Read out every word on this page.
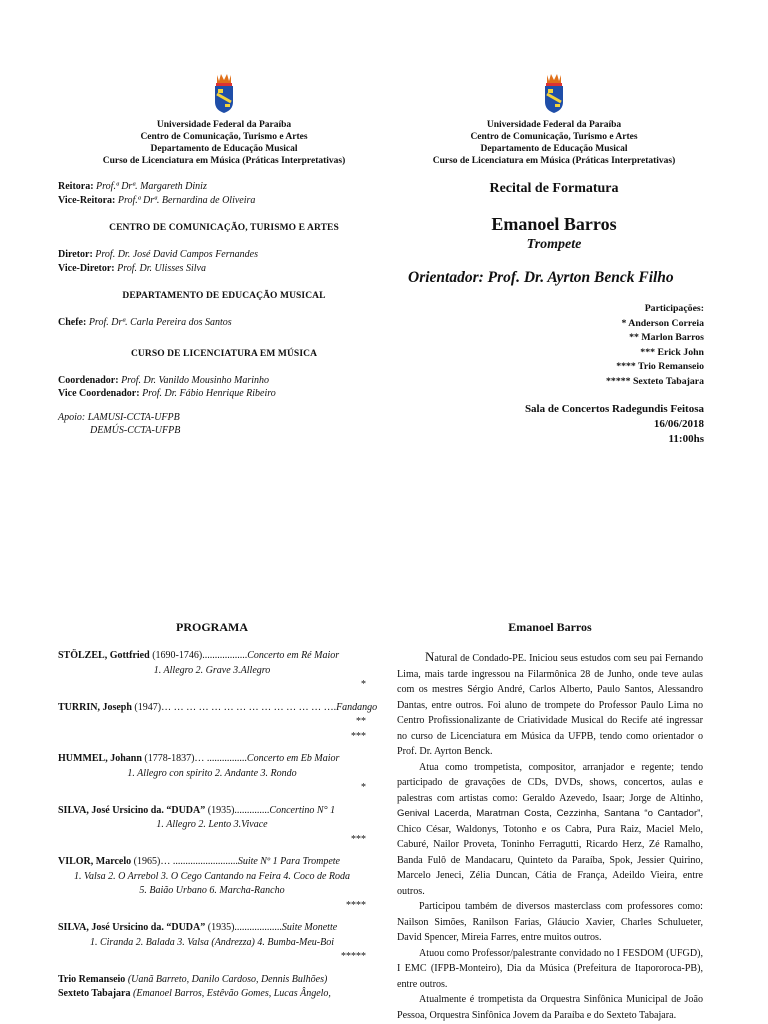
Universidade Federal da Paraíba
Centro de Comunicação, Turismo e Artes
Departamento de Educação Musical
Curso de Licenciatura em Música (Práticas Interpretativas)
Reitora: Prof.ª Drª. Margareth Diniz
Vice-Reitora: Prof.ª Drª. Bernardina de Oliveira
CENTRO DE COMUNICAÇÃO, TURISMO E ARTES
Diretor: Prof. Dr. José David Campos Fernandes
Vice-Diretor: Prof. Dr. Ulisses Silva
DEPARTAMENTO DE EDUCAÇÃO MUSICAL
Chefe: Prof. Drª. Carla Pereira dos Santos
CURSO DE LICENCIATURA EM MÚSICA
Coordenador: Prof. Dr. Vanildo Mousinho Marinho
Vice Coordenador: Prof. Dr. Fábio Henrique Ribeiro
Apoio: LAMUSI-CCTA-UFPB
DEMÚS-CCTA-UFPB
Universidade Federal da Paraíba
Centro de Comunicação, Turismo e Artes
Departamento de Educação Musical
Curso de Licenciatura em Música (Práticas Interpretativas)
Recital de Formatura
Emanoel Barros
Trompete
Orientador: Prof. Dr. Ayrton Benck Filho
Participações:
* Anderson Correia
** Marlon Barros
*** Erick John
**** Trio Remanseio
***** Sexteto Tabajara
Sala de Concertos Radegundis Feitosa
16/06/2018
11:00hs
PROGRAMA
STÖLZEL, Gottfried (1690-1746)..................Concerto em Ré Maior
1. Allegro 2. Grave 3.Allegro
*
TURRIN, Joseph (1947)… … … … … … … … … … … … … ….Fandango
**
***
HUMMEL, Johann (1778-1837)… ................Concerto em Eb Maior
1. Allegro con spirito 2. Andante 3. Rondo
*
SILVA, José Ursicino da. “DUDA” (1935)..............Concertino N° 1
1. Allegro 2. Lento 3.Vivace
***
VILOR, Marcelo (1965)… ..........................Suite Nº 1 Para Trompete
1. Valsa 2. O Arrebol 3. O Cego Cantando na Feira 4. Coco de Roda
5. Baião Urbano 6. Marcha-Rancho
****
SILVA, José Ursicino da. “DUDA” (1935)...................Suite Monette
1. Ciranda 2. Balada 3. Valsa (Andrezza) 4. Bumba-Meu-Boi
*****
Trio Remanseio (Uanã Barreto, Danilo Cardoso, Dennis Bulhões)
Sexteto Tabajara (Emanoel Barros, Estêvão Gomes, Lucas Ângelo,
Emanoel Barros

Natural de Condado-PE. Iniciou seus estudos com seu pai Fernando Lima, mais tarde ingressou na Filarmônica 28 de Junho, onde teve aulas com os mestres Sérgio André, Carlos Alberto, Paulo Santos, Alessandro Dantas, entre outros. Foi aluno de trompete do Professor Paulo Lima no Centro Profissionalizante de Criatividade Musical do Recife até ingressar no curso de Licenciatura em Música da UFPB, tendo como orientador o Prof. Dr. Ayrton Benck.

Atua como trompetista, compositor, arranjador e regente; tendo participado de gravações de CDs, DVDs, shows, concertos, aulas e palestras com artistas como: Geraldo Azevedo, Isaar; Jorge de Altinho, Genival Lacerda, Maratman Costa, Cezzinha, Santana “o Cantador”, Chico César, Waldonys, Totonho e os Cabra, Pura Raiz, Maciel Melo, Caburé, Nailor Proveta, Toninho Ferragutti, Ricardo Herz, Zé Ramalho, Banda Fulô de Mandacaru, Quinteto da Paraíba, Spok, Jessier Quirino, Marcelo Jeneci, Zélia Duncan, Cátia de França, Adeildo Vieira, entre outros.

Participou também de diversos masterclass com professores como: Nailson Simões, Ranilson Farias, Gláucio Xavier, Charles Schulueter, David Spencer, Mireia Farres, entre muitos outros.

Atuou como Professor/palestrante convidado no I FESDOM (UFGD), I EMC (IFPB-Monteiro), Dia da Música (Prefeitura de Itapororoca-PB), entre outros.

Atualmente é trompetista da Orquestra Sinfônica Municipal de João Pessoa, Orquestra Sinfônica Jovem da Paraíba e do Sexteto Tabajara.
